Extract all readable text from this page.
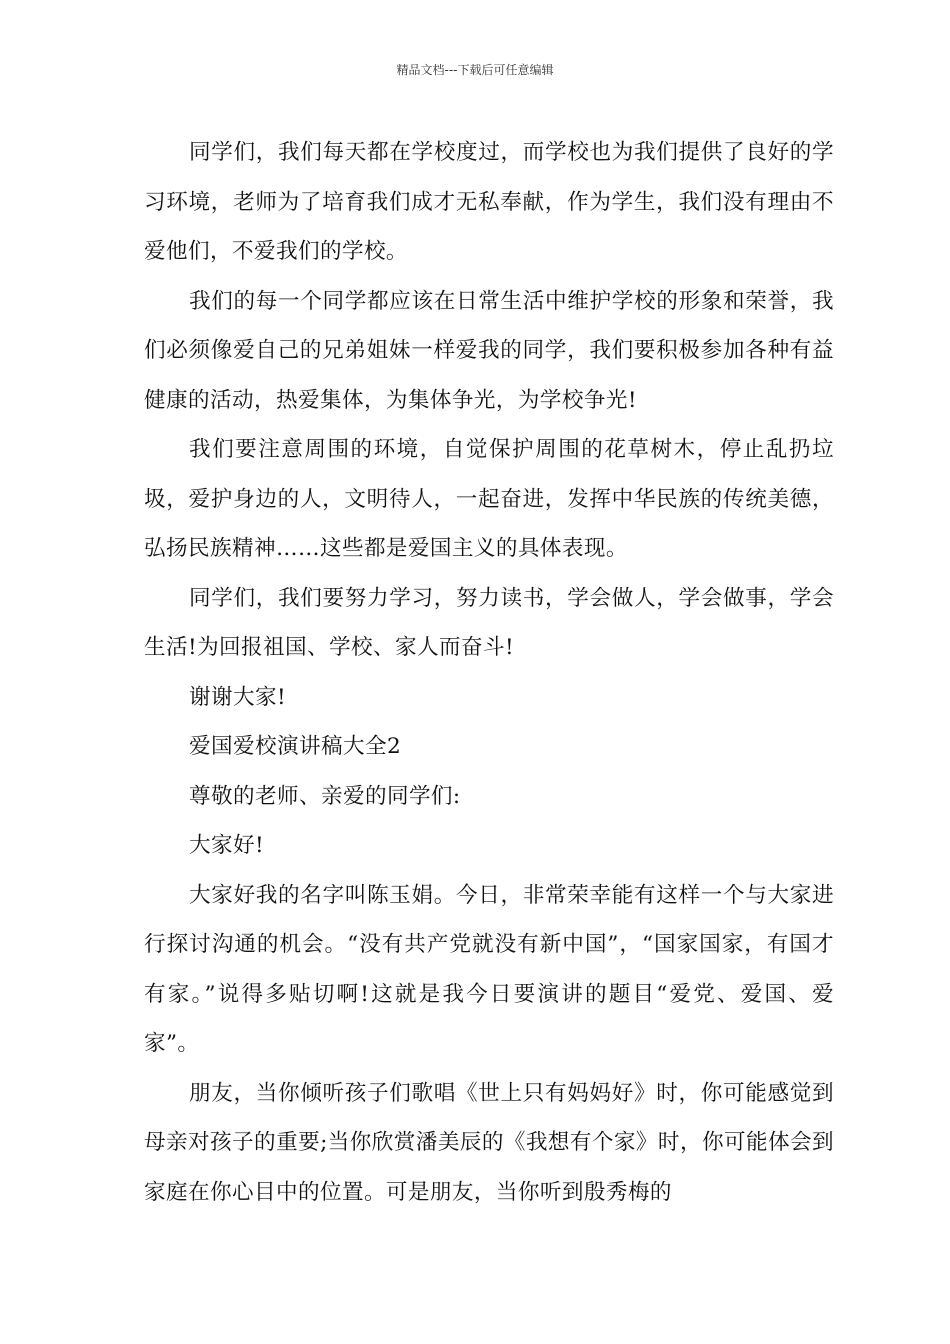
精品文档---下载后可任意编辑

同学们，我们每天都在学校度过，而学校也为我们提供了良好的学习环境，老师为了培育我们成才无私奉献，作为学生，我们没有理由不爱他们，不爱我们的学校。

我们的每一个同学都应该在日常生活中维护学校的形象和荣誉，我们必须像爱自己的兄弟姐妹一样爱我的同学，我们要积极参加各种有益健康的活动，热爱集体，为集体争光，为学校争光!

我们要注意周围的环境，自觉保护周围的花草树木，停止乱扔垃圾，爱护身边的人，文明待人，一起奋进，发挥中华民族的传统美德，弘扬民族精神……这些都是爱国主义的具体表现。

同学们，我们要努力学习，努力读书，学会做人，学会做事，学会生活!为回报祖国、学校、家人而奋斗!

谢谢大家!

爱国爱校演讲稿大全2

尊敬的老师、亲爱的同学们:

大家好!

大家好我的名字叫陈玉娟。今日，非常荣幸能有这样一个与大家进行探讨沟通的机会。“没有共产党就没有新中国”，“国家国家，有国才有家。”说得多贴切啊!这就是我今日要演讲的题目“爱党、爱国、爱家”。

朋友，当你倾听孩子们歌唱《世上只有妈妈好》时，你可能感觉到母亲对孩子的重要;当你欣赏潘美辰的《我想有个家》时，你可能体会到家庭在你心目中的位置。可是朋友，当你听到殷秀梅的
